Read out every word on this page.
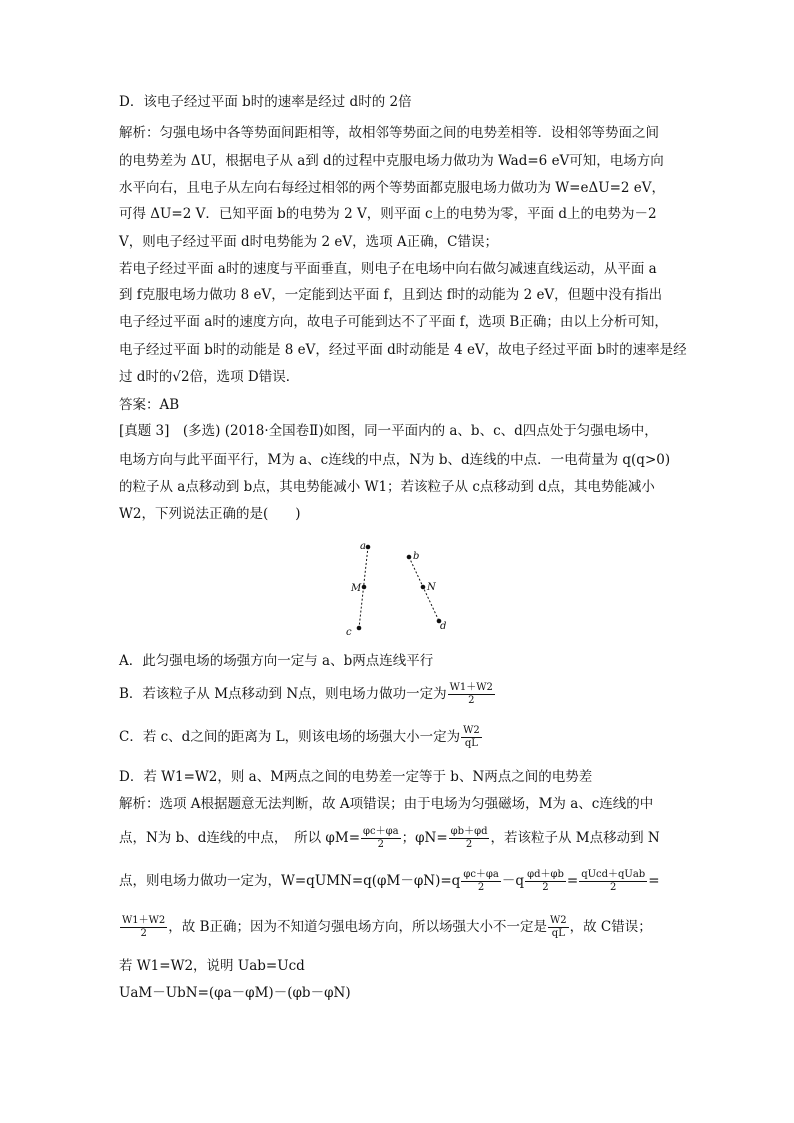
D．该电子经过平面 b时的速率是经过 d时的 2倍
解析：匀强电场中各等势面间距相等，故相邻等势面之间的电势差相等．设相邻等势面之间
的电势差为 ΔU，根据电子从 a到 d的过程中克服电场力做功为 Wad=6 eV可知，电场方向
水平向右，且电子从左向右每经过相邻的两个等势面都克服电场力做功为 W=eΔU=2 eV，
可得 ΔU=2 V．已知平面 b的电势为 2 V，则平面 c上的电势为零，平面 d上的电势为－2
V，则电子经过平面 d时电势能为 2 eV，选项 A正确，C错误；
若电子经过平面 a时的速度与平面垂直，则电子在电场中向右做匀减速直线运动，从平面 a
到 f克服电场力做功 8 eV，一定能到达平面 f，且到达 f时的动能为 2 eV，但题中没有指出
电子经过平面 a时的速度方向，故电子可能到达不了平面 f，选项 B正确；由以上分析可知，
电子经过平面 b时的动能是 8 eV，经过平面 d时动能是 4 eV，故电子经过平面 b时的速率是经
过 d时的√2倍，选项 D错误．
答案：AB
[真题 3]　(多选) (2018·全国卷Ⅱ)如图，同一平面内的 a、b、c、d四点处于匀强电场中，
电场方向与此平面平行，M为 a、c连线的中点，N为 b、d连线的中点．一电荷量为 q(q>0)
的粒子从 a点移动到 b点，其电势能减小 W1；若该粒子从 c点移动到 d点，其电势能减小
W2，下列说法正确的是(　　)
a
M
c
b
N
d
A．此匀强电场的场强方向一定与 a、b两点连线平行
B．若该粒子从 M点移动到 N点，则电场力做功一定为 $\frac{W1+W2}{2}$
C．若 c、d之间的距离为 L，则该电场的场强大小一定为 $\frac{W2}{qL}$
D．若 W1=W2，则 a、M两点之间的电势差一定等于 b、N两点之间的电势差
解析：选项 A根据题意无法判断，故 A项错误；由于电场为匀强磁场，M为 a、c连线的中
点，N为 b、d连线的中点，　所以 $\varphi M= \frac{\varphi c+\varphi a}{2}$ ；$\varphi N= \frac{\varphi b+\varphi d}{2}$ ，若该粒子从 M点移动到 N
点，则电场力做功一定为，W=qUMN=q(φM－φN)=q $\frac{\varphi c+\varphi a}{2} -q \frac{\varphi d+\varphi b}{2} = \frac{\text{qUcd＋qUab}}{2}$ =
$\frac{W1+W2}{2}$ ，故 B正确；因为不知道匀强电场方向，所以场强大小不一定是 $\frac{W2}{qL}$ ，故 C错误；
若 W1=W2，说明 Uab=Ucd
UaM－UbN=(φa－φM)－(φb－φN)
